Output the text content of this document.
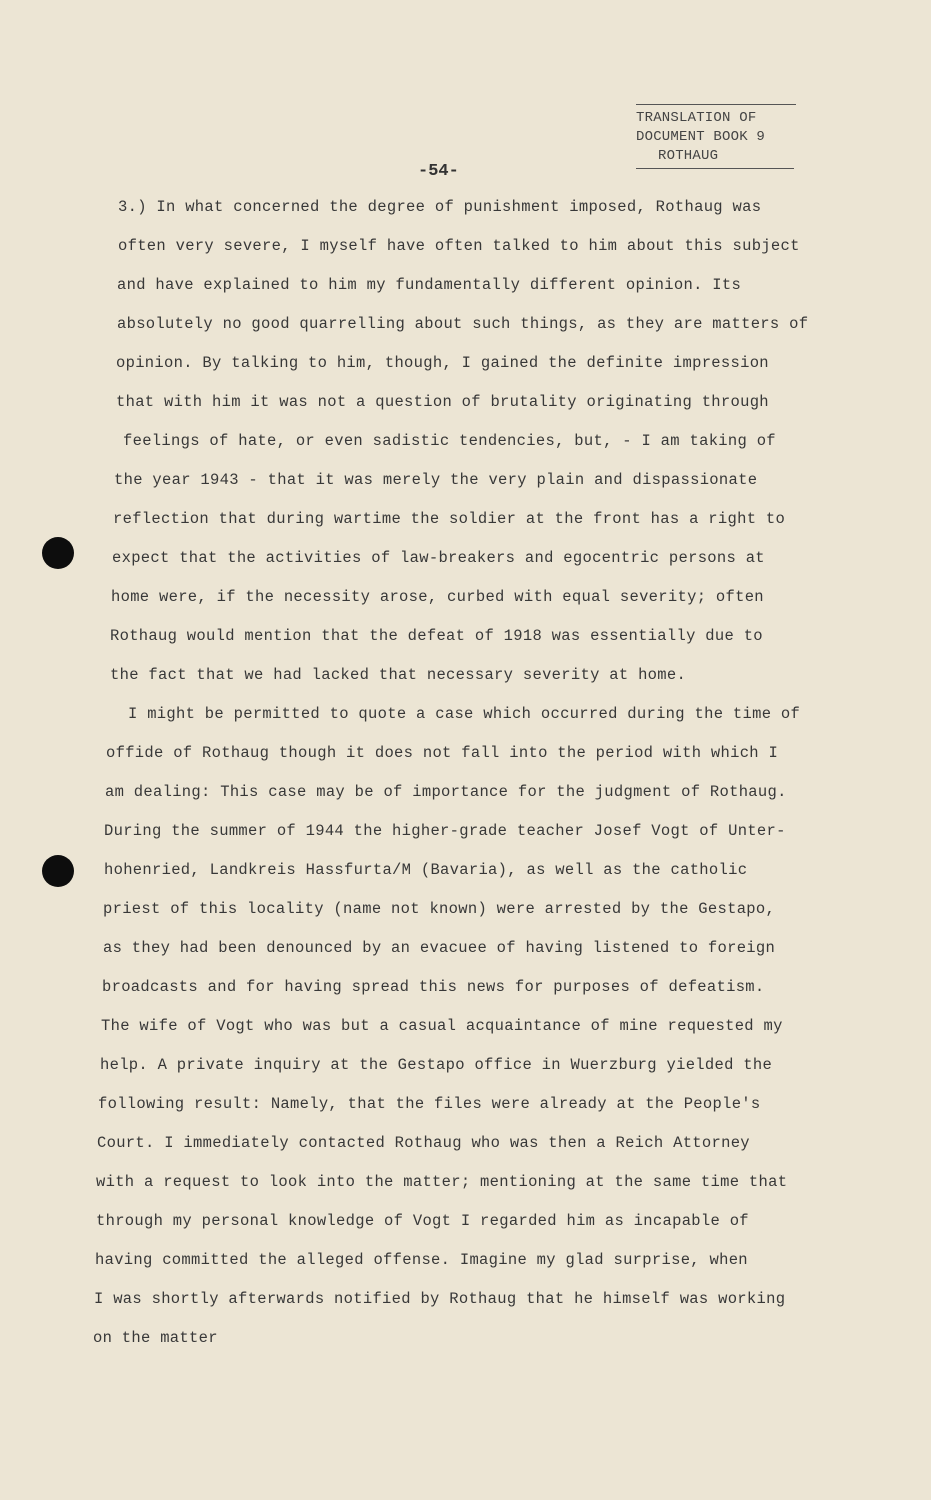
TRANSLATION OF
DOCUMENT BOOK 9
ROTHAUG
-54-
3.) In what concerned the degree of punishment imposed, Rothaug was
often very severe, I myself have often talked to him about this subject
and have explained to him my fundamentally different opinion. Its
absolutely no good quarrelling about such things, as they are matters of
opinion. By talking to him, though, I gained the definite impression
that with him it was not a question of brutality originating through
feelings of hate, or even sadistic tendencies, but, - I am taking of
the year 1943 - that it was merely the very plain and dispassionate
reflection that during wartime the soldier at the front has a right to
expect that the activities of law-breakers and egocentric persons at
home were, if the necessity arose, curbed with equal severity; often
Rothaug would mention that the defeat of 1918 was essentially due to
the fact that we had lacked that necessary severity at home.
I might be permitted to quote a case which occurred during the time of
offide of Rothaug though it does not fall into the period with which I
am dealing: This case may be of importance for the judgment of Rothaug.
During the summer of 1944 the higher-grade teacher Josef Vogt of Unter-
hohenried, Landkreis Hassfurta/M (Bavaria), as well as the catholic
priest of this locality (name not known) were arrested by the Gestapo,
as they had been denounced by an evacuee of having listened to foreign
broadcasts and for having spread this news for purposes of defeatism.
The wife of Vogt who was but a casual acquaintance of mine requested my
help. A private inquiry at the Gestapo office in Wuerzburg yielded the
following result: Namely, that the files were already at the People's
Court. I immediately contacted Rothaug who was then a Reich Attorney
with a request to look into the matter; mentioning at the same time that
through my personal knowledge of Vogt I regarded him as incapable of
having committed the alleged offense. Imagine my glad surprise, when
I was shortly afterwards notified by Rothaug that he himself was working
on the matter
